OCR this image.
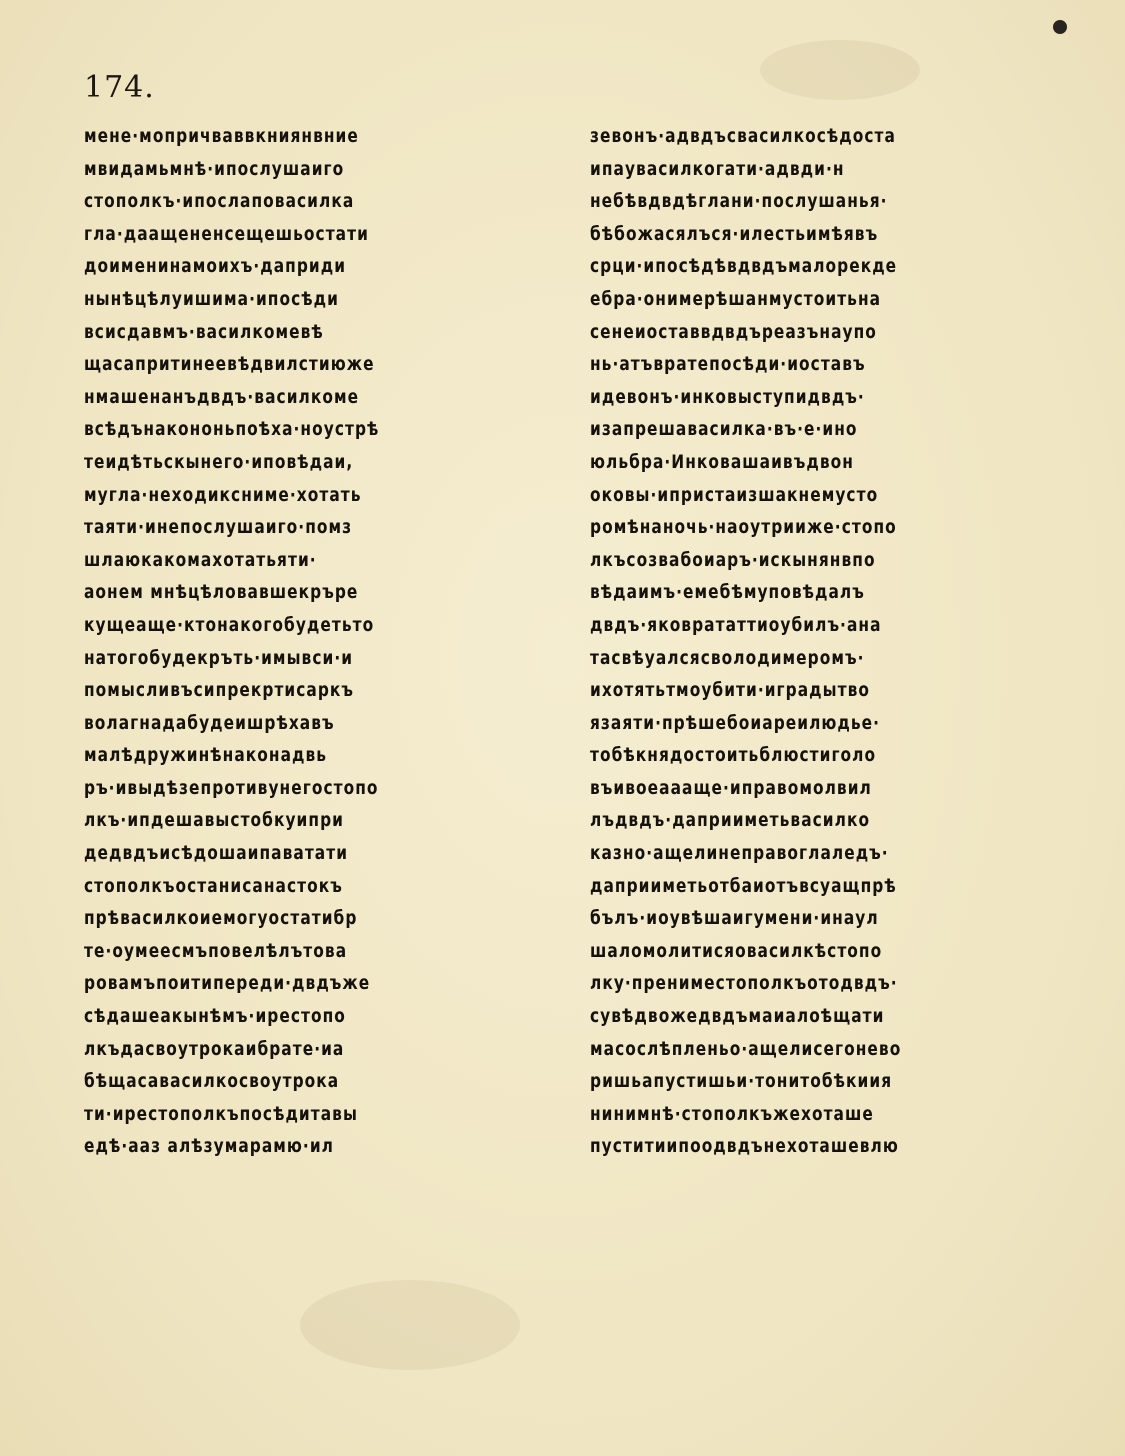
174.
мене·мопричваввкниянвние
мвидамьмнѣ·ипослушаиго
стополкъ·ипослаповасилка
гла·даащененсещешьостати
доименинамоихъ·даприди
нынѣцѣлуишима·ипосѣди
всисдавмъ·василкомевѣ
щасапритинеевѣдвилстиюже
нмашенанъдвдъ·василкоме
всѣдънакононьпоѣха·ноустрѣ
теидѣтьскынего·иповѣдаи,
мугла·неходиксниме·хотать
таяти·инепослушаиго·помз
шлаюкакомахотатьяти·
аонем мнѣцѣловавшекръре
кущеаще·ктонакогобудетьто
натогобудекръть·имывси·и
помысливъсипрекртисаркъ
волагнадабудеишрѣхавъ
малѣдружинѣнаконадвь
ръ·ивыдѣзепротивунегостопо
лкъ·ипдешавыстобкуипри
дедвдъисѣдошаипаватати
стополкъостанисанастокъ
прѣвасилкоиемогуостатибр
те·оумеесмъповелѣлътова
ровамъпоитипереди·двдъже
сѣдашеакынѣмъ·ирестопо
лкъдасвоутрокаибрате·иа
бѣщасавасилкосвоутрока
ти·ирестополкъпосѣдитавы
едѣ·ааз алѣзумарамю·ил
зевонъ·адвдъсвасилкосѣдоста
ипаувасилкогати·адвди·н
небѣвдвдѣглани·послушанья·
бѣбожасялъся·илестьимѣявъ
срци·ипосѣдѣвдвдъмалорекде
ебра·онимерѣшанмустоитьна
сенеиоставвдвдъреазънаупо
нь·атъвратепосѣди·иоставъ
идевонъ·инковыступидвдъ·
изапрешавасилка·въ·е·ино
юльбра·Инковашаивъдвон
оковы·ипристаизшакнемусто
ромѣнаночь·наоутрииже·стопо
лкъсозвабоиаръ·искынянвпо
вѣдаимъ·емебѣмуповѣдалъ
двдъ·яковрататтиоубилъ·ана
тасвѣуалсясволодимеромъ·
ихотятьтмоубити·иградытво
язаяти·прѣшебоиареилюдье·
тобѣкнядостоитьблюстиголо
въивоеаааще·иправомолвил
лъдвдъ·даприиметьвасилко
казно·ащелинеправоглаледъ·
даприиметьотбаиотъвсуащпрѣ
бълъ·иоувѣшаигумени·инаул
шаломолитисяовасилкѣстопо
лку·прениместополкъотодвдъ·
сувѣдвожедвдъмаиалоѣщати
масослѣпленьо·ащелисегонево
ришьапустишьи·тонитобѣкиия
нинимнѣ·стополкъжехоташе
пуститиипоодвдънехоташевлю
